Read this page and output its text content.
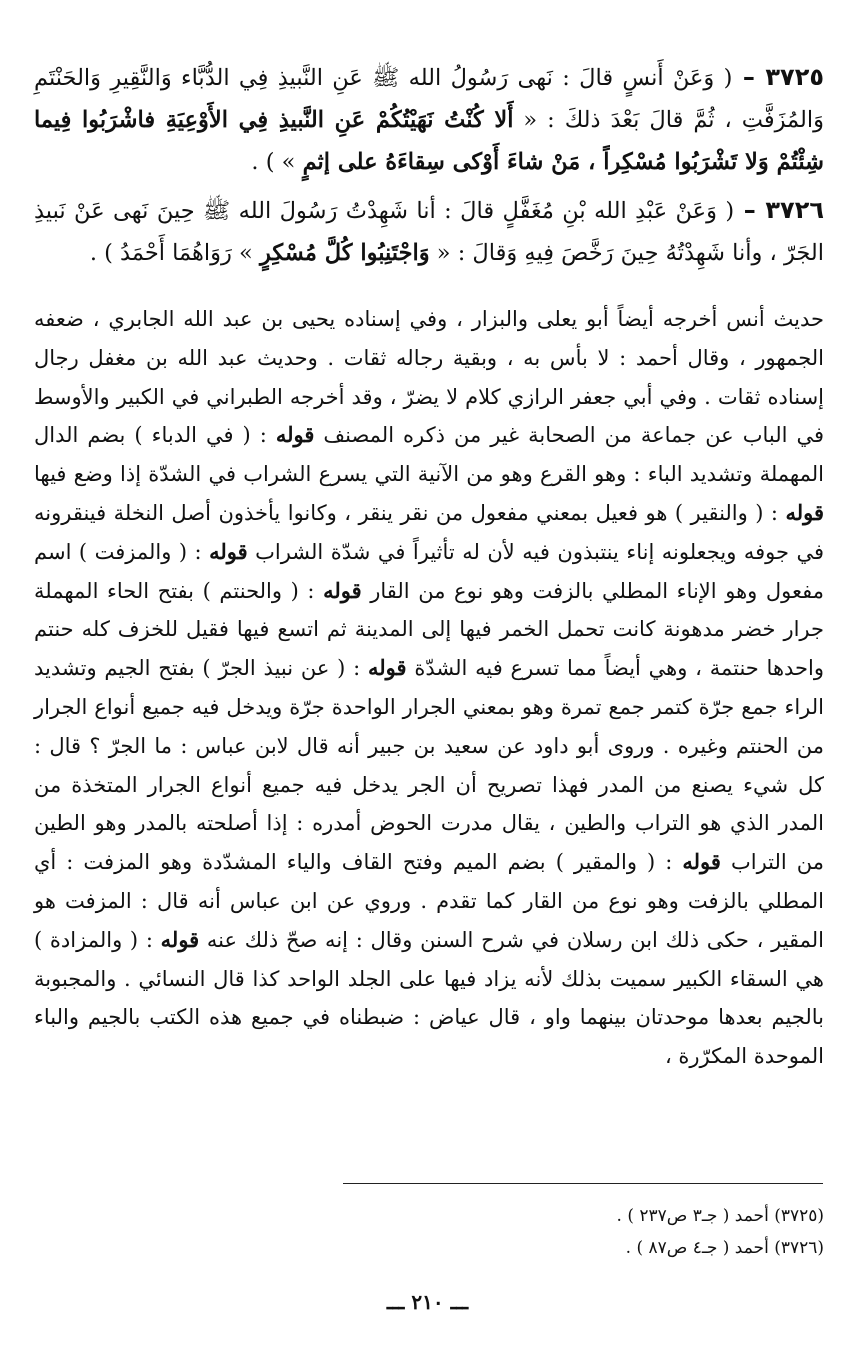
٣٧٢٥ – ( وَعَنْ أَنسٍ قالَ : نَهى رَسُولُ الله ﷺ عَنِ النَّبيذِ فِي الدُّبَّاء وَالنَّقِيرِ وَالحَنْتَمِ وَالمُزَفَّتِ ، ثُمَّ قالَ بَعْدَ ذلكَ : « أَلا كُنْتُ نَهَيْتُكُمْ عَنِ النَّبيذِ فِي الأَوْعِيَةِ فاشْرَبُوا فِيما شِئْتُمْ وَلا تَشْرَبُوا مُسْكِراً ، مَنْ شاءَ أَوْكى سِقاءَهُ على إثمٍ » ) .

٣٧٢٦ – ( وَعَنْ عَبْدِ الله بْنِ مُغَفَّلٍ قالَ : أنا شَهِدْتُ رَسُولَ الله ﷺ حِينَ نَهى عَنْ نَبيذِ الجَرّ ، وأنا شَهِدْتُهُ حِينَ رَخَّصَ فِيهِ وَقالَ : « وَاجْتَنِبُوا كُلَّ مُسْكِرٍ » رَوَاهُمَا أَحْمَدُ ) .

حديث أنس أخرجه أيضاً أبو يعلى والبزار ، وفي إسناده يحيى بن عبد الله الجابري ، ضعفه الجمهور ، وقال أحمد : لا بأس به ، وبقية رجاله ثقات . وحديث عبد الله بن مغفل رجال إسناده ثقات . وفي أبي جعفر الرازي كلام لا يضرّ ، وقد أخرجه الطبراني في الكبير والأوسط في الباب عن جماعة من الصحابة غير من ذكره المصنف قوله : ( في الدباء ) بضم الدال المهملة وتشديد الباء : وهو القرع وهو من الآنية التي يسرع الشراب في الشدّة إذا وضع فيها قوله : ( والنقير ) هو فعيل بمعني مفعول من نقر ينقر ، وكانوا يأخذون أصل النخلة فينقرونه في جوفه ويجعلونه إناء ينتبذون فيه لأن له تأثيراً في شدّة الشراب قوله : ( والمزفت ) اسم مفعول وهو الإناء المطلي بالزفت وهو نوع من القار قوله : ( والحنتم ) بفتح الحاء المهملة جرار خضر مدهونة كانت تحمل الخمر فيها إلى المدينة ثم اتسع فيها فقيل للخزف كله حنتم واحدها حنتمة ، وهي أيضاً مما تسرع فيه الشدّة قوله : ( عن نبيذ الجرّ ) بفتح الجيم وتشديد الراء جمع جرّة كتمر جمع تمرة وهو بمعني الجرار الواحدة جرّة ويدخل فيه جميع أنواع الجرار من الحنتم وغيره . وروى أبو داود عن سعيد بن جبير أنه قال لابن عباس : ما الجرّ ؟ قال : كل شيء يصنع من المدر فهذا تصريح أن الجر يدخل فيه جميع أنواع الجرار المتخذة من المدر الذي هو التراب والطين ، يقال مدرت الحوض أمدره : إذا أصلحته بالمدر وهو الطين من التراب قوله : ( والمقير ) بضم الميم وفتح القاف والياء المشدّدة وهو المزفت : أي المطلي بالزفت وهو نوع من القار كما تقدم . وروي عن ابن عباس أنه قال : المزفت هو المقير ، حكى ذلك ابن رسلان في شرح السنن وقال : إنه صحّ ذلك عنه قوله : ( والمزادة ) هي السقاء الكبير سميت بذلك لأنه يزاد فيها على الجلد الواحد كذا قال النسائي . والمجبوبة بالجيم بعدها موحدتان بينهما واو ، قال عياض : ضبطناه في جميع هذه الكتب بالجيم والباء الموحدة المكرّرة ،

(٣٧٢٥) أحمد ( جـ٣ ص٢٣٧ ) .

(٣٧٢٦) أحمد ( جـ٤ ص٨٧ ) .

ـــ ٢١٠ ـــ
